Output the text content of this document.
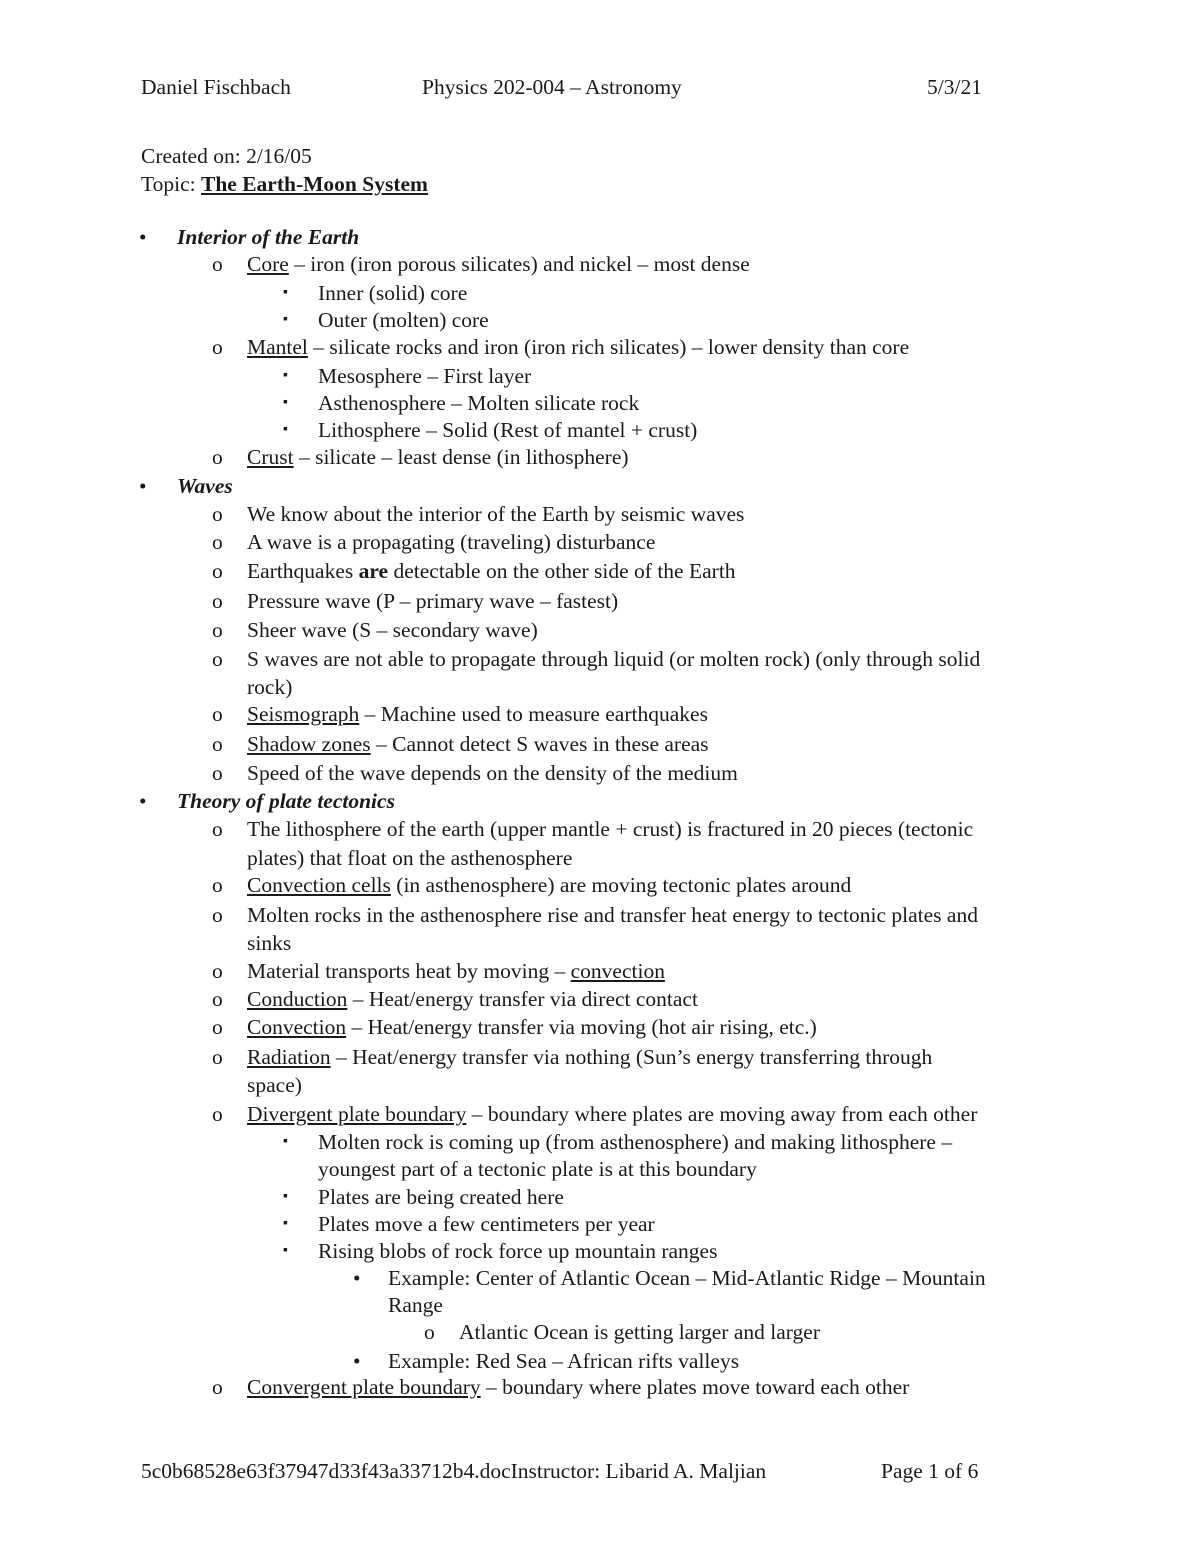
Daniel Fischbach	Physics 202-004 – Astronomy	5/3/21
Created on: 2/16/05
Topic: The Earth-Moon System
• Interior of the Earth
o Core – iron (iron porous silicates) and nickel – most dense
▪ Inner (solid) core
▪ Outer (molten) core
o Mantel – silicate rocks and iron (iron rich silicates) – lower density than core
▪ Mesosphere – First layer
▪ Asthenosphere – Molten silicate rock
▪ Lithosphere – Solid (Rest of mantel + crust)
o Crust – silicate – least dense (in lithosphere)
• Waves
o We know about the interior of the Earth by seismic waves
o A wave is a propagating (traveling) disturbance
o Earthquakes are detectable on the other side of the Earth
o Pressure wave (P – primary wave – fastest)
o Sheer wave (S – secondary wave)
o S waves are not able to propagate through liquid (or molten rock) (only through solid
rock)
o Seismograph – Machine used to measure earthquakes
o Shadow zones – Cannot detect S waves in these areas
o Speed of the wave depends on the density of the medium
• Theory of plate tectonics
o The lithosphere of the earth (upper mantle + crust) is fractured in 20 pieces (tectonic
plates) that float on the asthenosphere
o Convection cells (in asthenosphere) are moving tectonic plates around
o Molten rocks in the asthenosphere rise and transfer heat energy to tectonic plates and
sinks
o Material transports heat by moving – convection
o Conduction – Heat/energy transfer via direct contact
o Convection – Heat/energy transfer via moving (hot air rising, etc.)
o Radiation – Heat/energy transfer via nothing (Sun’s energy transferring through
space)
o Divergent plate boundary – boundary where plates are moving away from each other
▪ Molten rock is coming up (from asthenosphere) and making lithosphere –
youngest part of a tectonic plate is at this boundary
▪ Plates are being created here
▪ Plates move a few centimeters per year
▪ Rising blobs of rock force up mountain ranges
• Example: Center of Atlantic Ocean – Mid-Atlantic Ridge – Mountain
Range
o Atlantic Ocean is getting larger and larger
• Example: Red Sea – African rifts valleys
o Convergent plate boundary – boundary where plates move toward each other
5c0b68528e63f37947d33f43a33712b4.docInstructor: Libarid A. Maljian	Page 1 of 6
